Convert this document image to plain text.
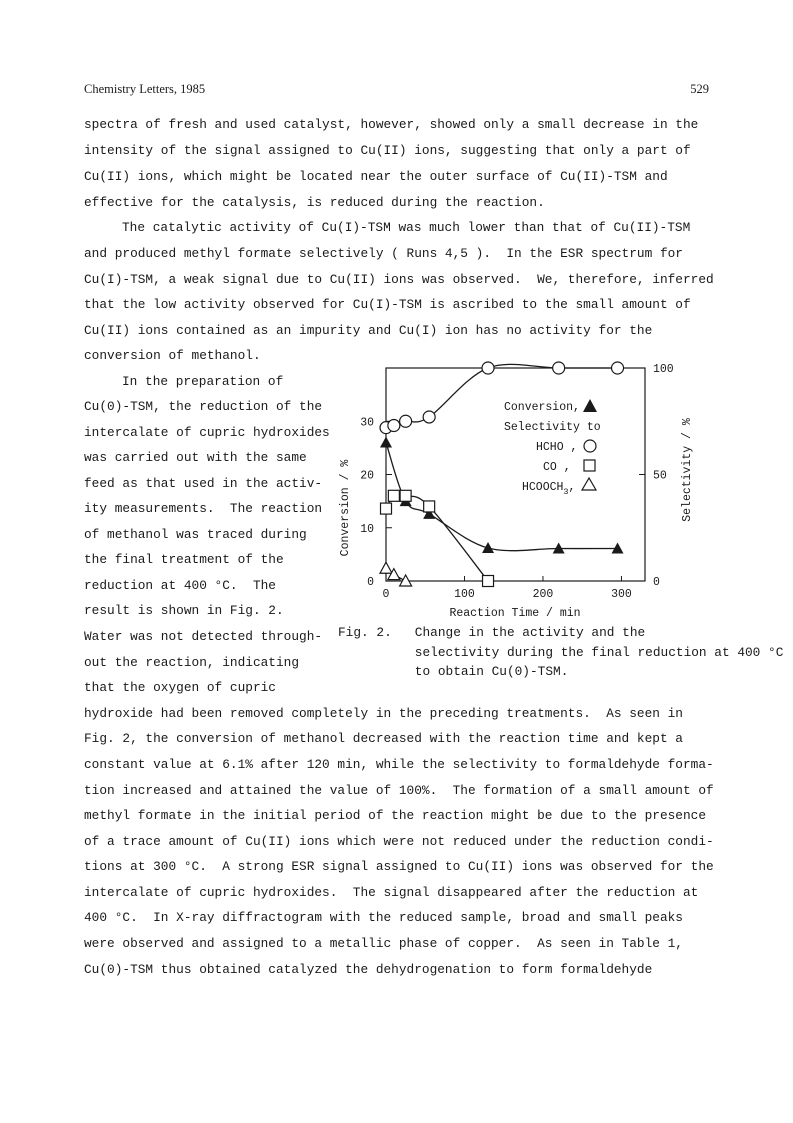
Chemistry Letters, 1985	529
spectra of fresh and used catalyst, however, showed only a small decrease in the
intensity of the signal assigned to Cu(II) ions, suggesting that only a part of
Cu(II) ions, which might be located near the outer surface of Cu(II)-TSM and
effective for the catalysis, is reduced during the reaction.
The catalytic activity of Cu(I)-TSM was much lower than that of Cu(II)-TSM
and produced methyl formate selectively ( Runs 4,5 ).  In the ESR spectrum for
Cu(I)-TSM, a weak signal due to Cu(II) ions was observed.  We, therefore, inferred
that the low activity observed for Cu(I)-TSM is ascribed to the small amount of
Cu(II) ions contained as an impurity and Cu(I) ion has no activity for the
conversion of methanol.
In the preparation of
Cu(0)-TSM, the reduction of the
intercalate of cupric hydroxides
was carried out with the same
feed as that used in the activ-
ity measurements.  The reaction
of methanol was traced during
the final treatment of the
reduction at 400 °C.  The
result is shown in Fig. 2.
Water was not detected through-
out the reaction, indicating
that the oxygen of cupric
hydroxide had been removed completely in the preceding treatments.  As seen in
Fig. 2, the conversion of methanol decreased with the reaction time and kept a
constant value at 6.1% after 120 min, while the selectivity to formaldehyde forma-
tion increased and attained the value of 100%.  The formation of a small amount of
methyl formate in the initial period of the reaction might be due to the presence
of a trace amount of Cu(II) ions which were not reduced under the reduction condi-
tions at 300 °C.  A strong ESR signal assigned to Cu(II) ions was observed for the
intercalate of cupric hydroxides.  The signal disappeared after the reduction at
400 °C.  In X-ray diffractogram with the reduced sample, broad and small peaks
were observed and assigned to a metallic phase of copper.  As seen in Table 1,
Cu(0)-TSM thus obtained catalyzed the dehydrogenation to form formaldehyde
Fig. 2.   Change in the activity and the
selectivity during the final reduction at 400 °C
to obtain Cu(0)-TSM.
0	100	200	300
0
10
20
30
0
50
100
Conversion,
Selectivity to
HCHO ,
CO ,
$HCOOCH_3$,
Reaction Time / min
Conversion / %	Selectivity / %
